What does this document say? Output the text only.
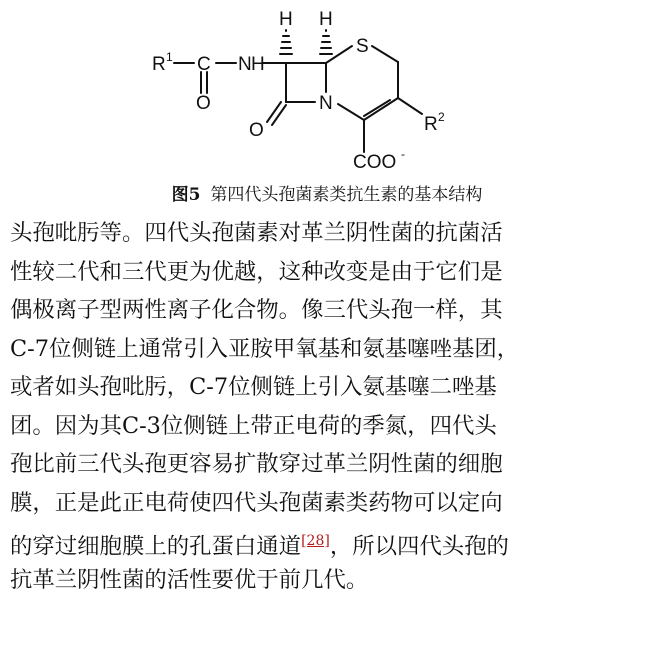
R 1 C
O
N H
H H
S
N
O	R 2
COO -
图5 第四代头孢菌素类抗生素的基本结构
头孢吡肟等。四代头孢菌素对革兰阴性菌的抗菌活
性较二代和三代更为优越，这种改变是由于它们是
偶极离子型两性离子化合物。像三代头孢一样，其
C-7位侧链上通常引入亚胺甲氧基和氨基噻唑基团，
或者如头孢吡肟，C-7位侧链上引入氨基噻二唑基
团。因为其C-3位侧链上带正电荷的季氮，四代头
孢比前三代头孢更容易扩散穿过革兰阴性菌的细胞
膜，正是此正电荷使四代头孢菌素类药物可以定向
的穿过细胞膜上的孔蛋白通道[28]，所以四代头孢的
抗革兰阴性菌的活性要优于前几代。
